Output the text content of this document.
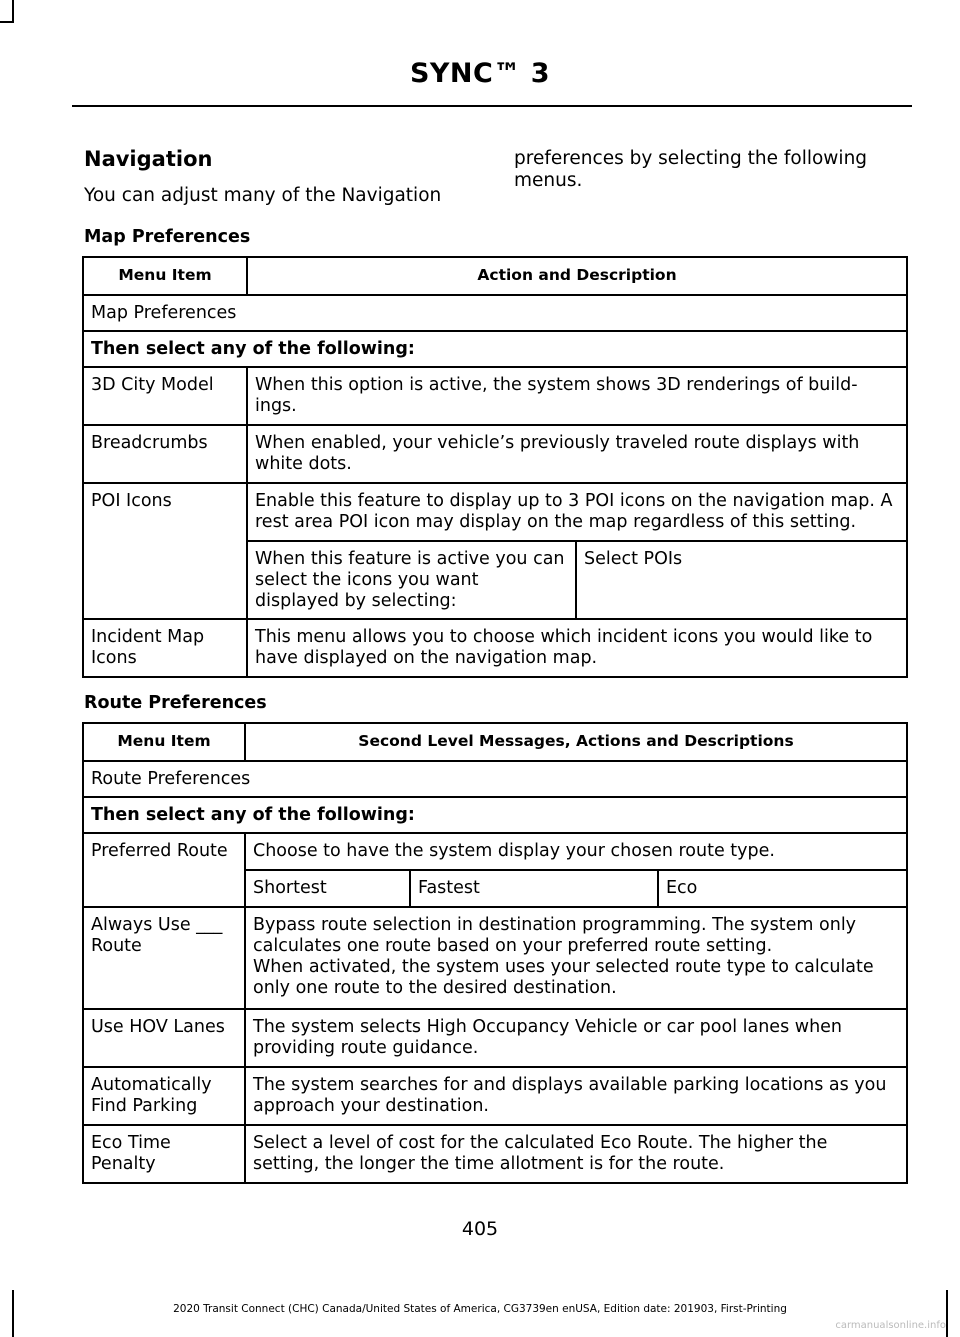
SYNC™ 3
Navigation
You can adjust many of the Navigation
preferences by selecting the following
menus.
Map Preferences
Menu Item	Action and Description	
Map Preferences		
Then select any of the following:		
3D City Model	When this option is active, the system shows 3D renderings of build-ings.	
Breadcrumbs	When enabled, your vehicle’s previously traveled route displays with white dots.	
POI Icons	Enable this feature to display up to 3 POI icons on the navigation map. A rest area POI icon may display on the map regardless of this setting.	
	When this feature is active you can select the icons you want displayed by selecting:	Select POIs
Incident Map Icons	This menu allows you to choose which incident icons you would like to have displayed on the navigation map.	
Route Preferences
Menu Item	Second Level Messages, Actions and Descriptions		
Route Preferences			
Then select any of the following:			
Preferred Route	Choose to have the system display your chosen route type.		
	Shortest	Fastest	Eco
Always Use ___ Route	Bypass route selection in destination programming. The system only calculates one route based on your preferred route setting.
When activated, the system uses your selected route type to calculate only one route to the desired destination.		

Use HOV Lanes	The system selects High Occupancy Vehicle or car pool lanes when providing route guidance.		
Automatically Find Parking	The system searches for and displays available parking locations as you approach your destination.		
Eco Time Penalty	Select a level of cost for the calculated Eco Route. The higher the setting, the longer the time allotment is for the route.		
405
2020 Transit Connect (CHC) Canada/United States of America, CG3739en enUSA, Edition date: 201903, First-Printing
carmanualsonline.info
